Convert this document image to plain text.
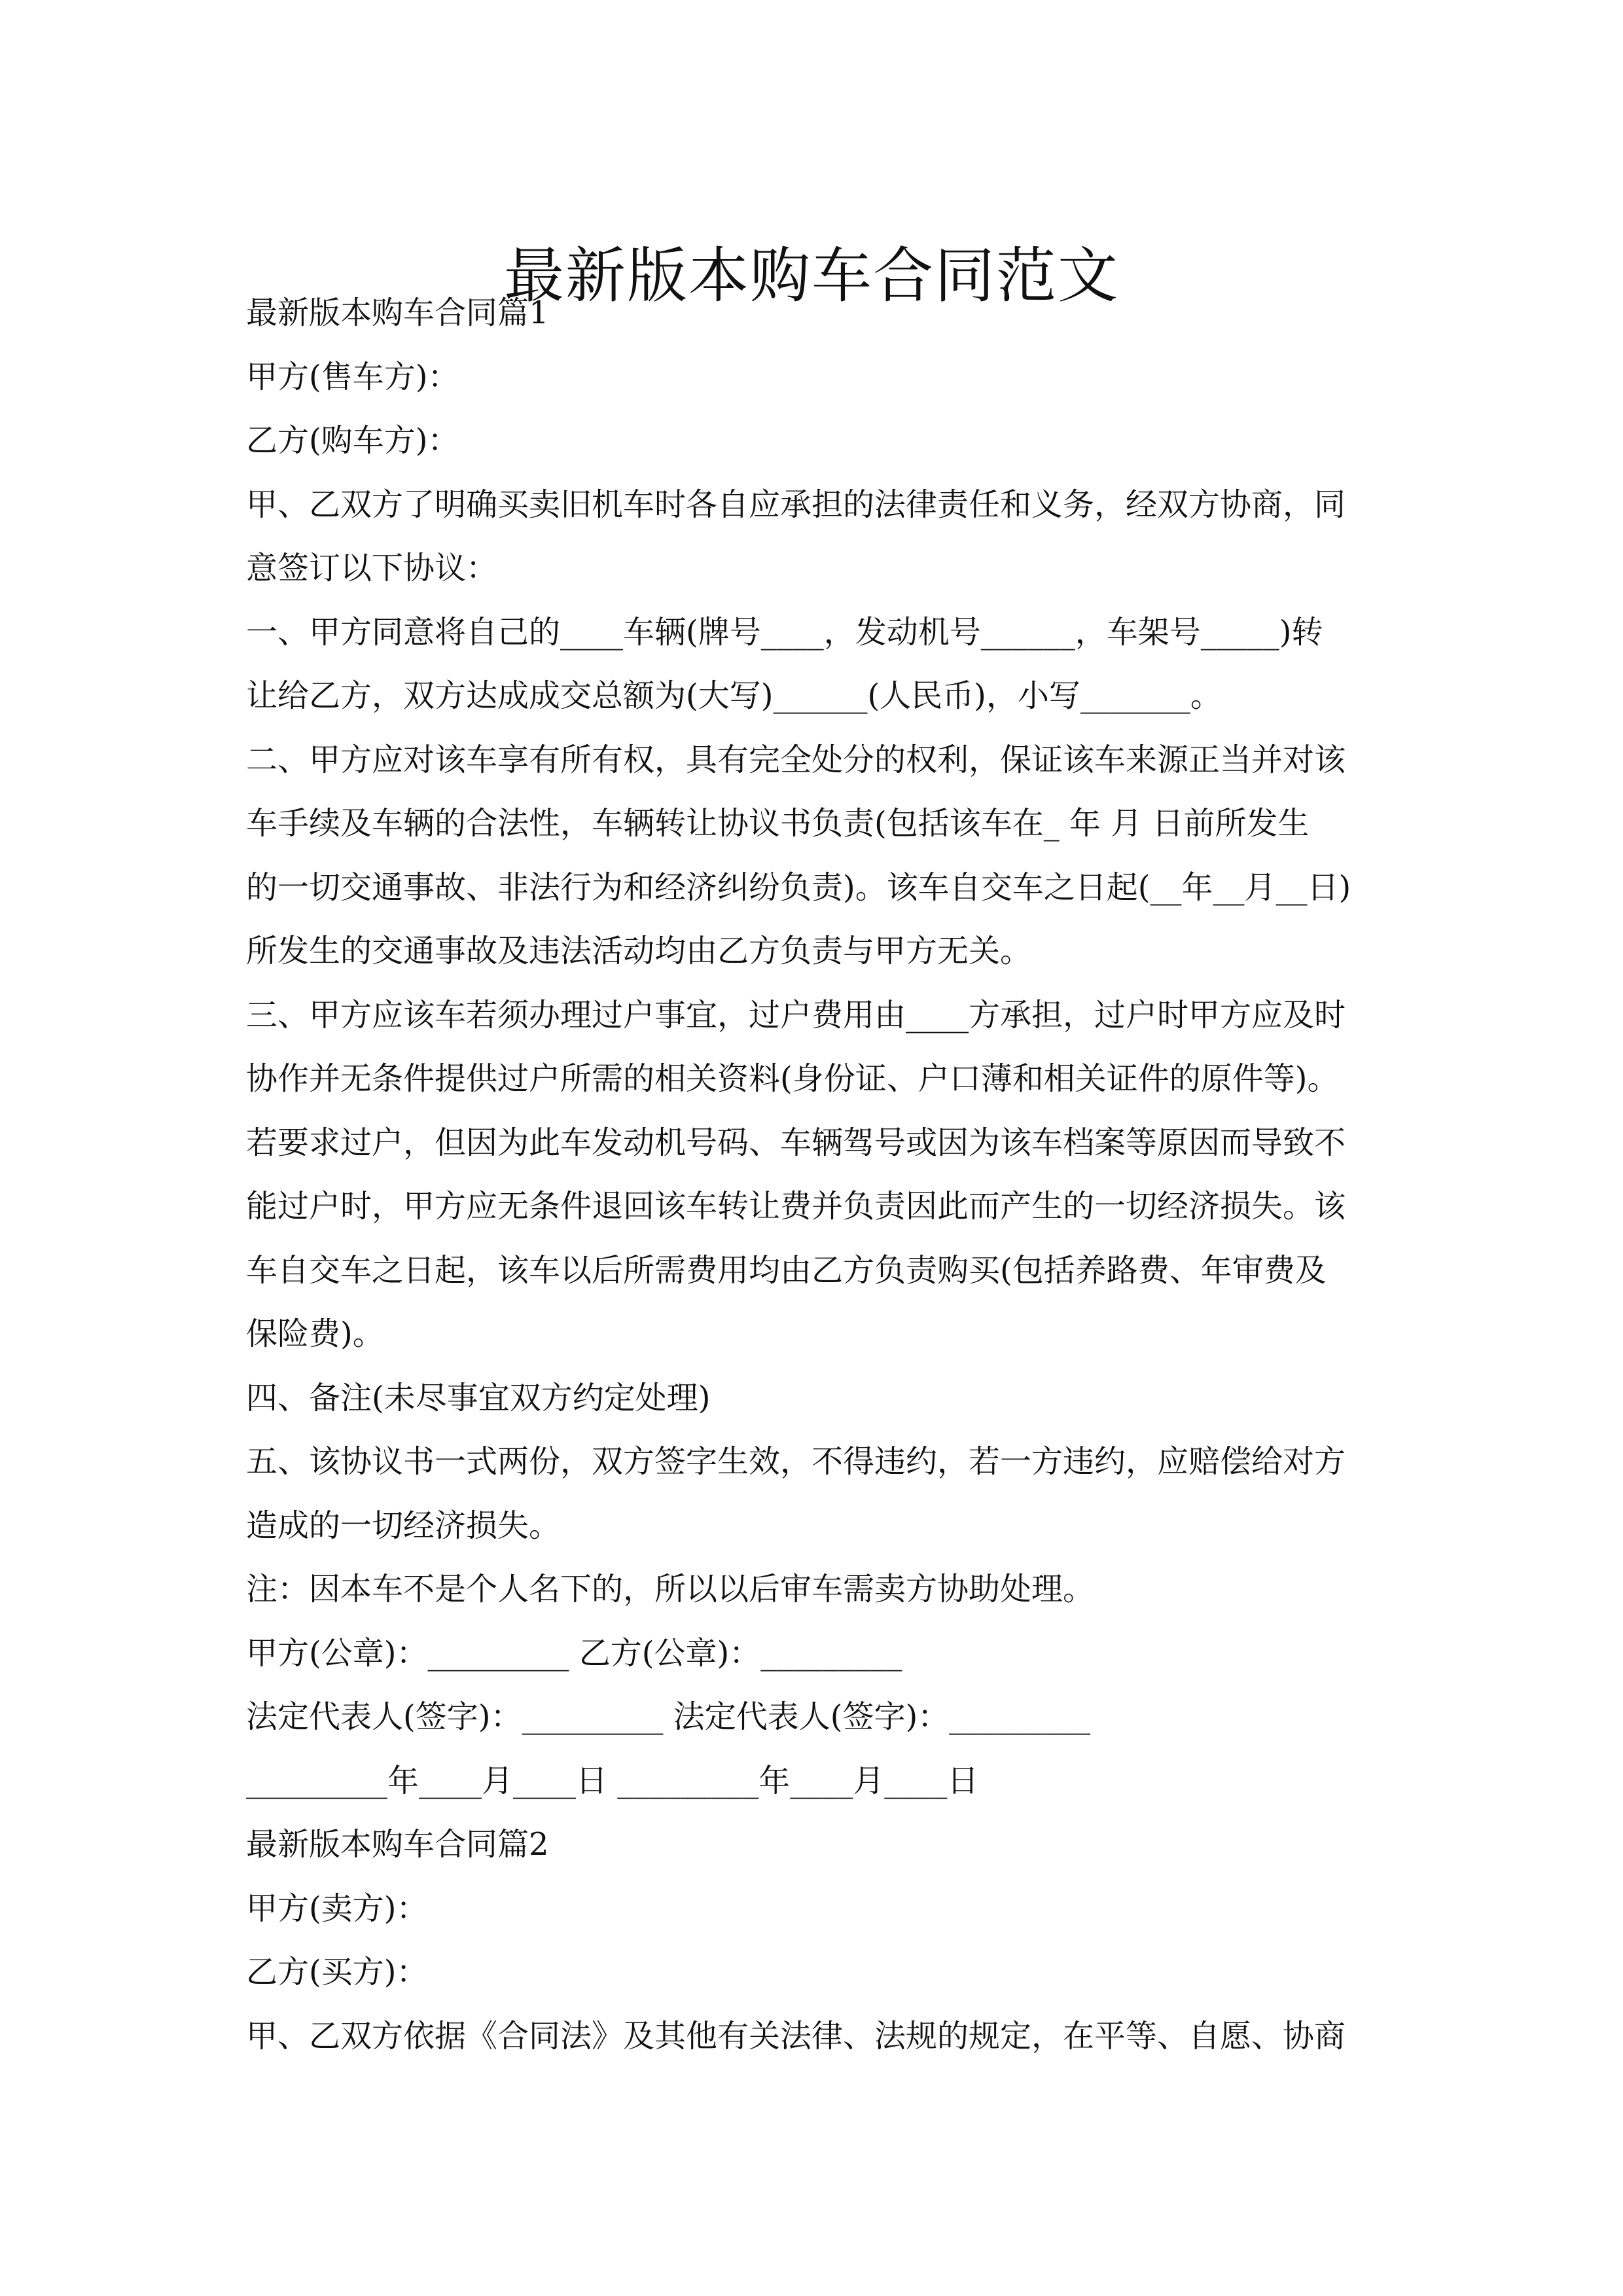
最新版本购车合同范文
最新版本购车合同篇1
甲方(售车方)：
乙方(购车方)：
甲、乙双方了明确买卖旧机车时各自应承担的法律责任和义务，经双方协商，同
意签订以下协议：
一、甲方同意将自己的____车辆(牌号____，发动机号______，车架号_____)转
让给乙方，双方达成成交总额为(大写)______(人民币)，小写_______。
二、甲方应对该车享有所有权，具有完全处分的权利，保证该车来源正当并对该
车手续及车辆的合法性，车辆转让协议书负责(包括该车在_ 年 月 日前所发生
的一切交通事故、非法行为和经济纠纷负责)。该车自交车之日起(__年__月__日)
所发生的交通事故及违法活动均由乙方负责与甲方无关。
三、甲方应该车若须办理过户事宜，过户费用由____方承担，过户时甲方应及时
协作并无条件提供过户所需的相关资料(身份证、户口薄和相关证件的原件等)。
若要求过户，但因为此车发动机号码、车辆驾号或因为该车档案等原因而导致不
能过户时，甲方应无条件退回该车转让费并负责因此而产生的一切经济损失。该
车自交车之日起，该车以后所需费用均由乙方负责购买(包括养路费、年审费及
保险费)。
四、备注(未尽事宜双方约定处理)
五、该协议书一式两份，双方签字生效，不得违约，若一方违约，应赔偿给对方
造成的一切经济损失。
注：因本车不是个人名下的，所以以后审车需卖方协助处理。
甲方(公章)：_________ 乙方(公章)：_________
法定代表人(签字)：_________ 法定代表人(签字)：_________
_________年____月____日 _________年____月____日
最新版本购车合同篇2
甲方(卖方)：
乙方(买方)：
甲、乙双方依据《合同法》及其他有关法律、法规的规定，在平等、自愿、协商
